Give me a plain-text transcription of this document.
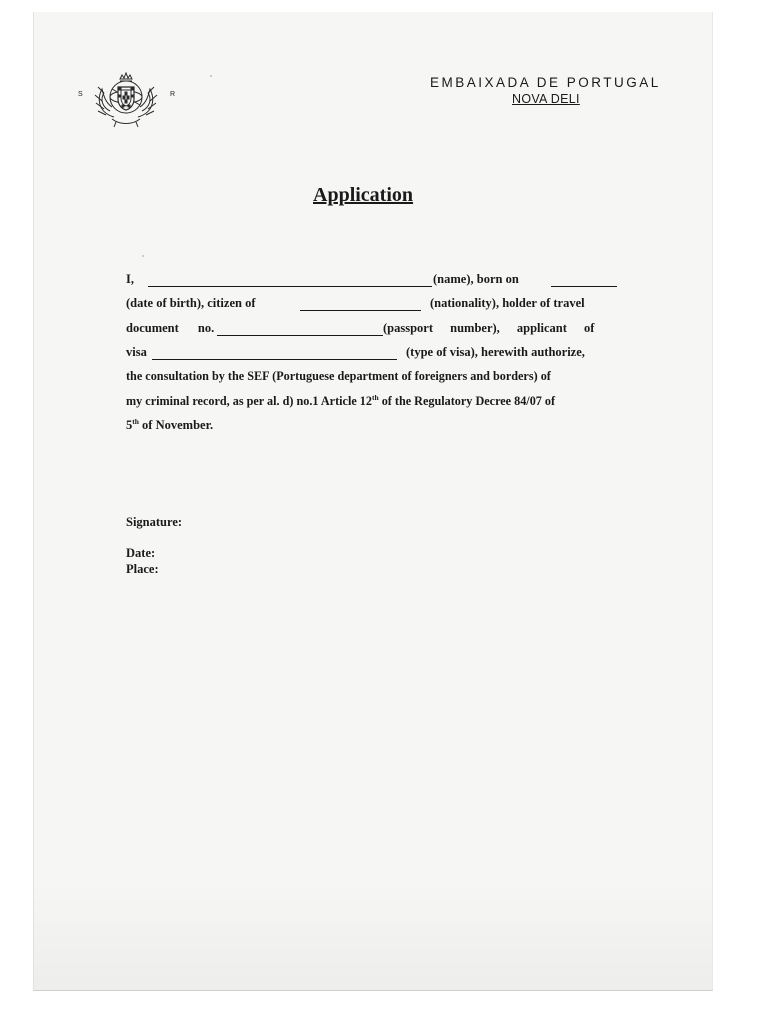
S	R
EMBAIXADA DE PORTUGAL
NOVA DELI
Application
I,	(name), born on
(date of birth), citizen of	(nationality), holder of travel
document no.	(passport number), applicant of
visa	(type of visa), herewith authorize,
the consultation by the SEF (Portuguese department of foreigners and borders) of
my criminal record, as per al. d) no.1 Article 12th of the Regulatory Decree 84/07 of
5th of November.
Signature:
Date:
Place:
